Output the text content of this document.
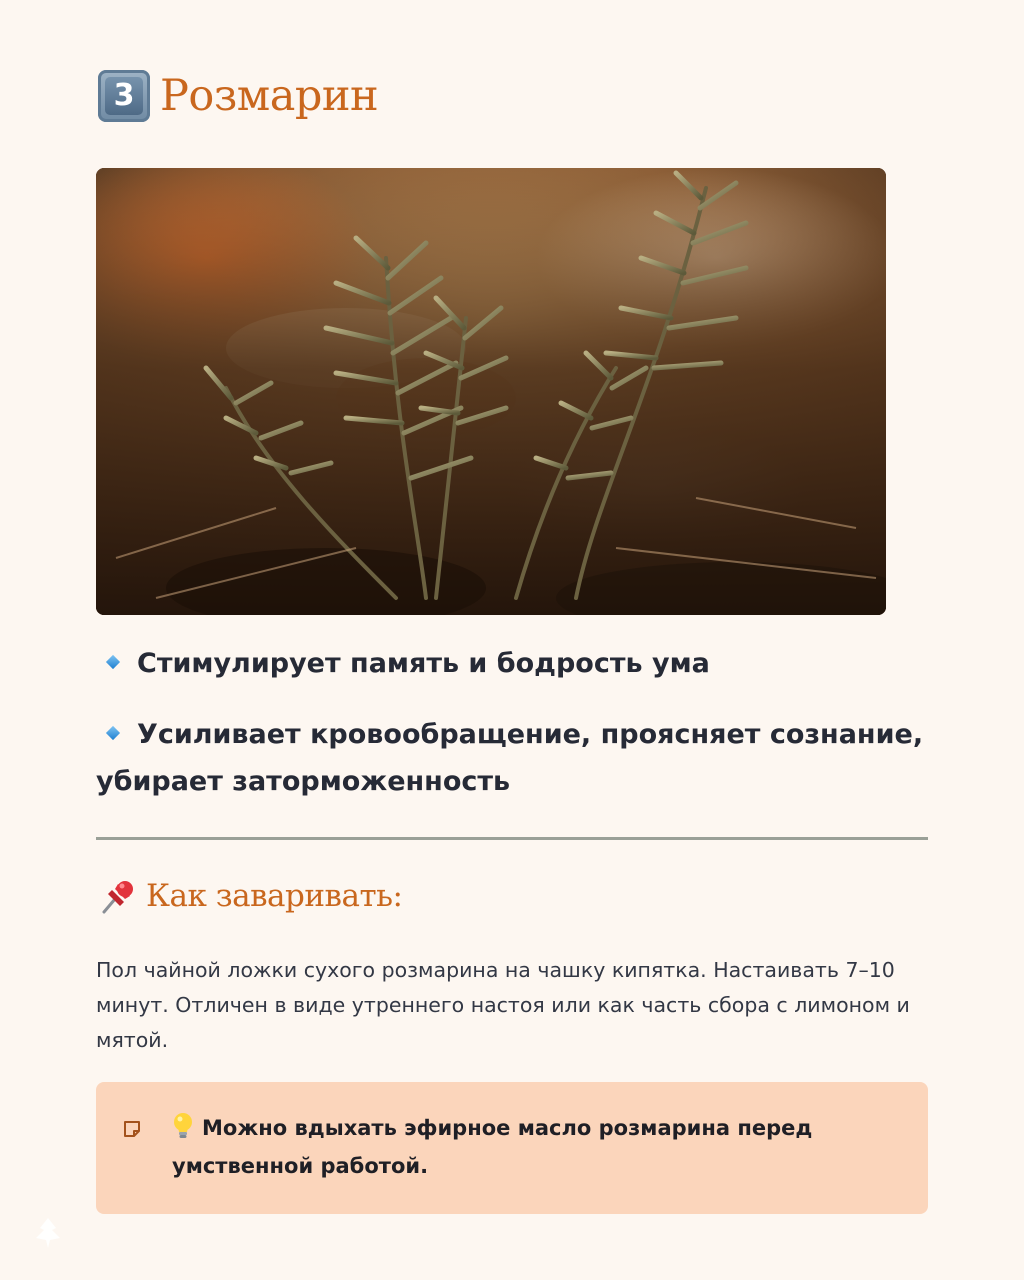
3 Розмарин
Стимулирует память и бодрость ума
Усиливает кровообращение, проясняет сознание, убирает заторможенность
Как заваривать:
Пол чайной ложки сухого розмарина на чашку кипятка. Настаивать 7–10 минут. Отличен в виде утреннего настоя или как часть сбора с лимоном и мятой.
Можно вдыхать эфирное масло розмарина перед умственной работой.
